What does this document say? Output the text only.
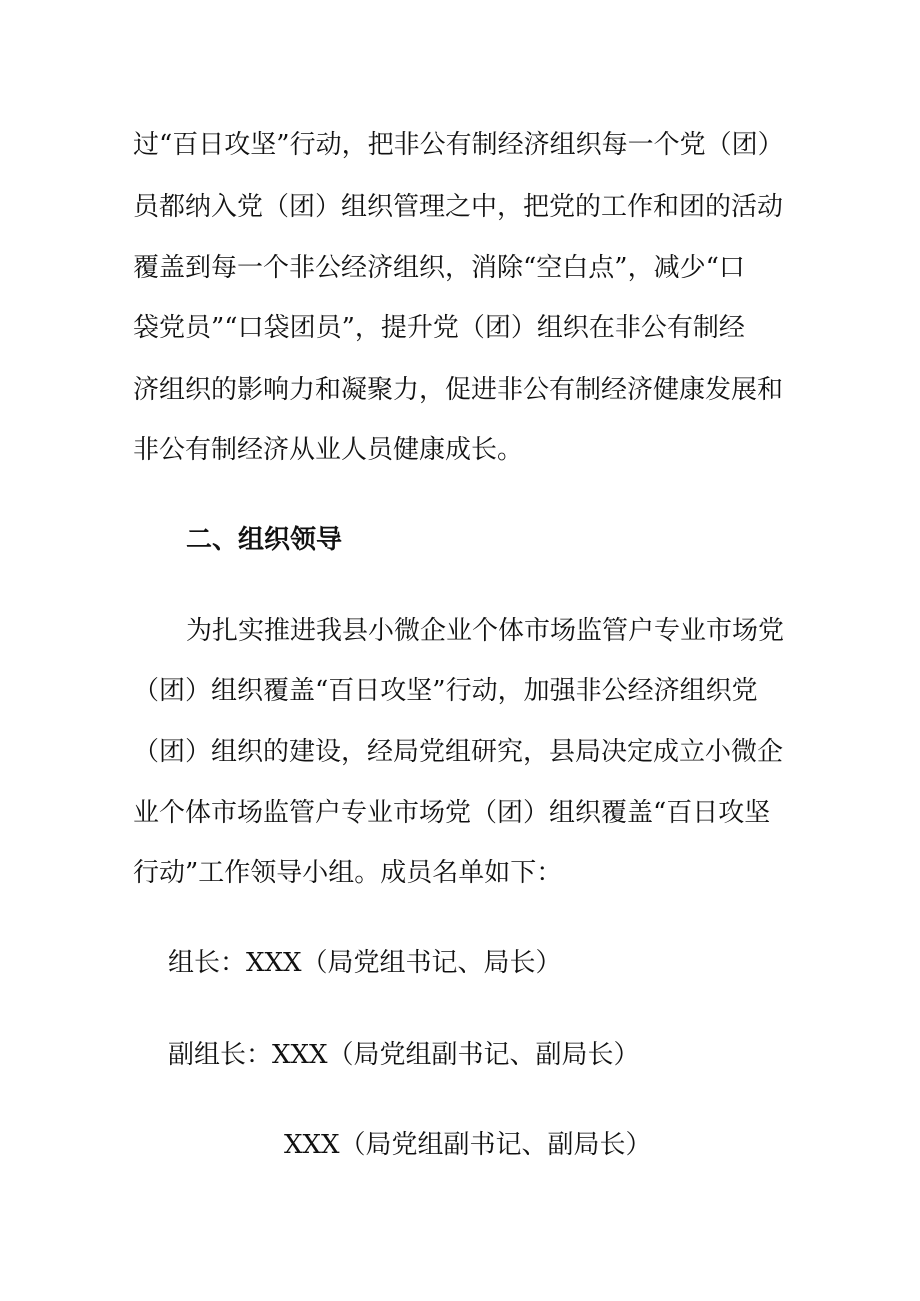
过“百日攻坚”行动，把非公有制经济组织每一个党（团）
员都纳入党（团）组织管理之中，把党的工作和团的活动
覆盖到每一个非公经济组织，消除“空白点”，减少“口
袋党员”“口袋团员”，提升党（团）组织在非公有制经
济组织的影响力和凝聚力，促进非公有制经济健康发展和
非公有制经济从业人员健康成长。
二、组织领导
为扎实推进我县小微企业个体市场监管户专业市场党
（团）组织覆盖“百日攻坚”行动，加强非公经济组织党
（团）组织的建设，经局党组研究，县局决定成立小微企
业个体市场监管户专业市场党（团）组织覆盖“百日攻坚
行动”工作领导小组。成员名单如下：
组长：XXX（局党组书记、局长）
副组长：XXX（局党组副书记、副局长）
XXX（局党组副书记、副局长）
